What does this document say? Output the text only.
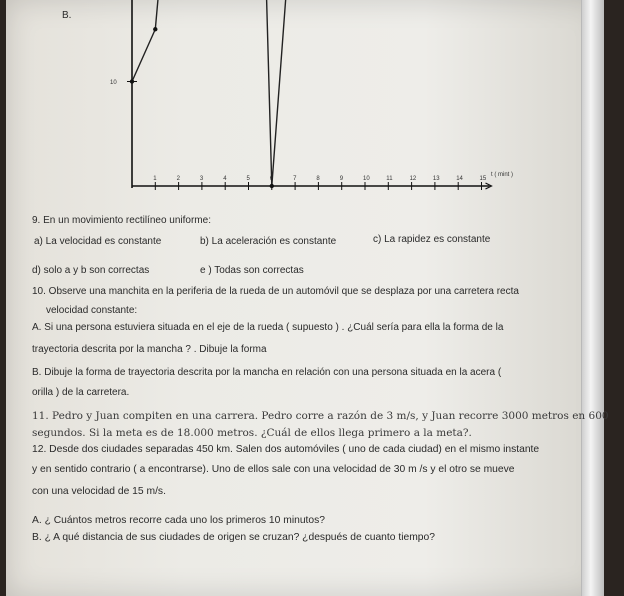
B.
10
1	2	3	4	5	6	7	8	9	10	11	12	13	14	15
t ( mint )
9. En un movimiento rectilíneo uniforme:
a) La velocidad es constante	b) La aceleración es constante	c) La rapidez es constante
d) solo a y b son correctas	e ) Todas son correctas
10. Observe una manchita en la periferia de la rueda de un automóvil que se desplaza por una carretera recta
velocidad constante:
A. Si una persona estuviera situada en el eje de la rueda ( supuesto ) . ¿Cuál sería para ella la forma de la
trayectoria descrita por la mancha ? . Dibuje la forma
B. Dibuje la forma de trayectoria descrita por la mancha en relación con una persona situada en la acera (
orilla ) de la carretera.
11. Pedro y Juan compiten en una carrera. Pedro corre a razón de 3 m/s, y Juan recorre 3000 metros en 600
segundos. Si la meta es de 18.000 metros. ¿Cuál de ellos llega primero a la meta?.
12. Desde dos ciudades separadas 450 km. Salen dos automóviles ( uno de cada ciudad) en el mismo instante
y en sentido contrario ( a encontrarse). Uno de ellos sale con una velocidad de 30 m /s y el otro se mueve
con una velocidad de 15 m/s.
A. ¿ Cuántos metros recorre cada uno los primeros 10 minutos?
B. ¿ A qué distancia de sus ciudades de origen se cruzan? ¿después de cuanto tiempo?
